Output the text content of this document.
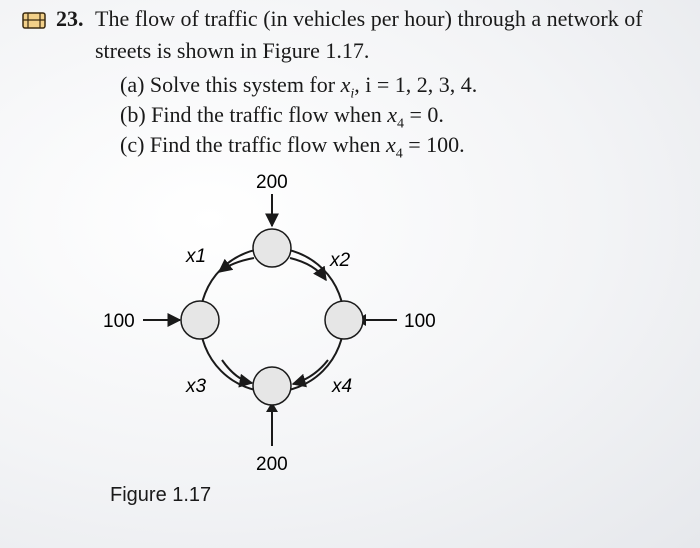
23. The flow of traffic (in vehicles per hour) through a network of
streets is shown in Figure 1.17.
(a) Solve this system for $x_i$, i = 1, 2, 3, 4.
(b) Find the traffic flow when $x_4 = 0$.
(c) Find the traffic flow when $x_4 = 100$.
200
100	100
200
x1	x2
x3	x4
Figure 1.17
